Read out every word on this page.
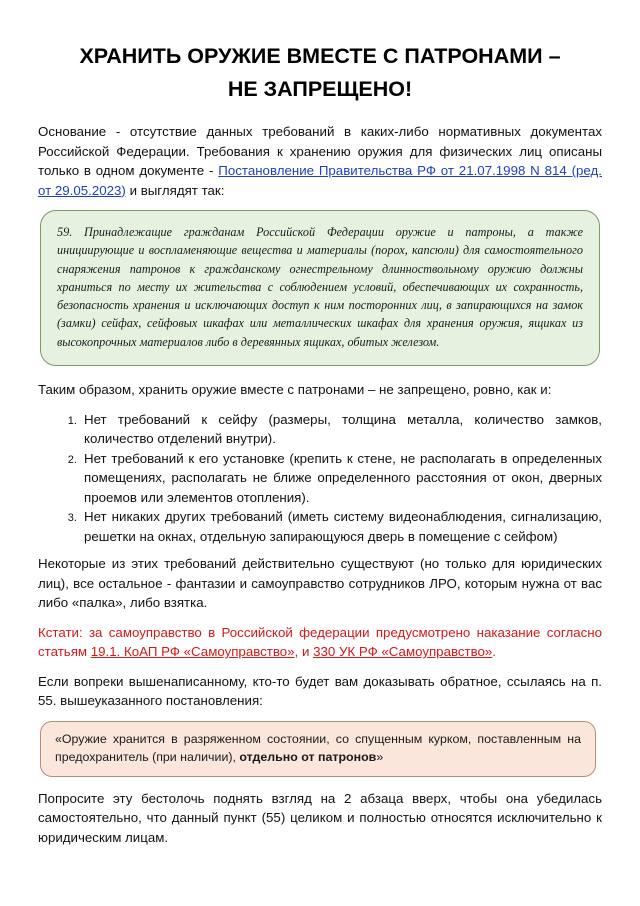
ХРАНИТЬ ОРУЖИЕ ВМЕСТЕ С ПАТРОНАМИ –
НЕ ЗАПРЕЩЕНО!

Основание - отсутствие данных требований в каких-либо нормативных документах Российской Федерации. Требования к хранению оружия для физических лиц описаны только в одном документе - Постановление Правительства РФ от 21.07.1998 N 814 (ред. от 29.05.2023) и выглядят так:

59. Принадлежащие гражданам Российской Федерации оружие и патроны, а также инициирующие и воспламеняющие вещества и материалы (порох, капсюли) для самостоятельного снаряжения патронов к гражданскому огнестрельному длинноствольному оружию должны храниться по месту их жительства с соблюдением условий, обеспечивающих их сохранность, безопасность хранения и исключающих доступ к ним посторонних лиц, в запирающихся на замок (замки) сейфах, сейфовых шкафах или металлических шкафах для хранения оружия, ящиках из высокопрочных материалов либо в деревянных ящиках, обитых железом.

Таким образом, хранить оружие вместе с патронами – не запрещено, ровно, как и:

1. Нет требований к сейфу (размеры, толщина металла, количество замков, количество отделений внутри).
2. Нет требований к его установке (крепить к стене, не располагать в определенных помещениях, располагать не ближе определенного расстояния от окон, дверных проемов или элементов отопления).
3. Нет никаких других требований (иметь систему видеонаблюдения, сигнализацию, решетки на окнах, отдельную запирающуюся дверь в помещение с сейфом)

Некоторые из этих требований действительно существуют (но только для юридических лиц), все остальное - фантазии и самоуправство сотрудников ЛРО, которым нужна от вас либо «палка», либо взятка.

Кстати: за самоуправство в Российской федерации предусмотрено наказание согласно статьям 19.1. КоАП РФ «Самоуправство», и 330 УК РФ «Самоуправство».

Если вопреки вышенаписанному, кто-то будет вам доказывать обратное, ссылаясь на п. 55. вышеуказанного постановления:

«Оружие хранится в разряженном состоянии, со спущенным курком, поставленным на предохранитель (при наличии), отдельно от патронов»

Попросите эту бестолочь поднять взгляд на 2 абзаца вверх, чтобы она убедилась самостоятельно, что данный пункт (55) целиком и полностью относятся исключительно к юридическим лицам.
